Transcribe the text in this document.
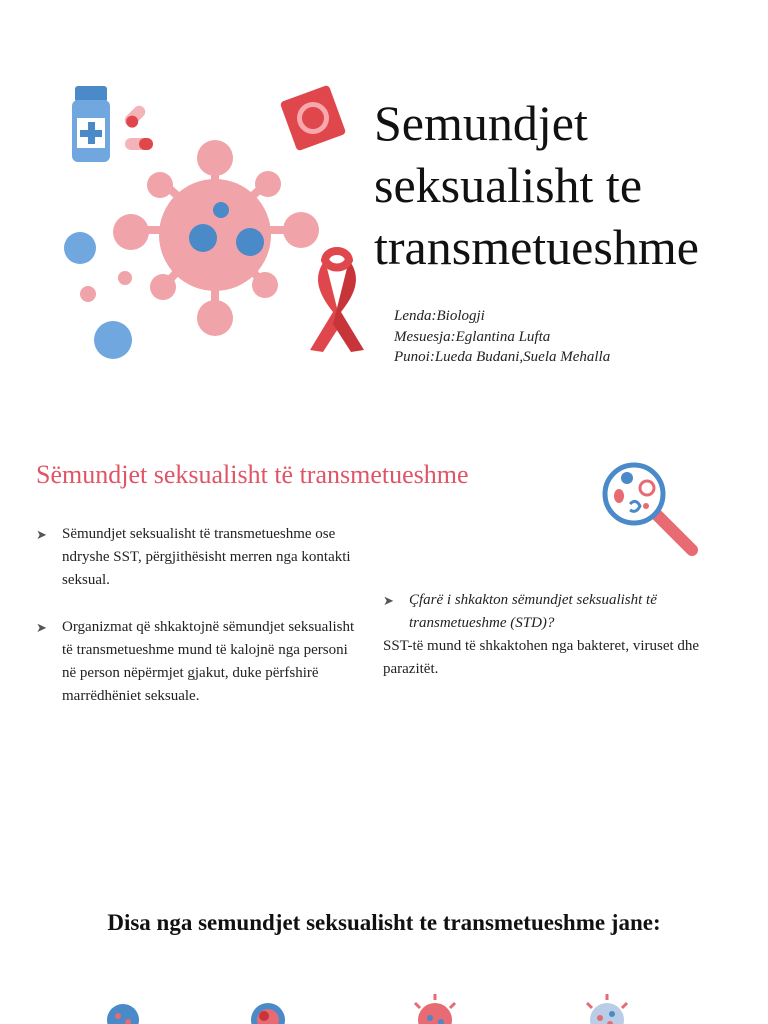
Semundjet
seksualisht te
transmetueshme
Lenda:Biologji
Mesuesja:Eglantina Lufta
Punoi:Lueda Budani,Suela Mehalla
Sëmundjet seksualisht të transmetueshme
➤	Sëmundjet seksualisht të transmetueshme ose ndryshe SST, përgjithësisht merren nga kontakti seksual.
➤	Organizmat që shkaktojnë sëmundjet seksualisht të transmetueshme mund të kalojnë nga personi në person nëpërmjet gjakut, duke përfshirë marrëdhëniet seksuale.
➤	Çfarë i shkakton sëmundjet seksualisht të transmetueshme (STD)?
SST-të mund të shkaktohen nga bakteret, viruset dhe parazitët.
Disa nga semundjet seksualisht te transmetueshme jane:
